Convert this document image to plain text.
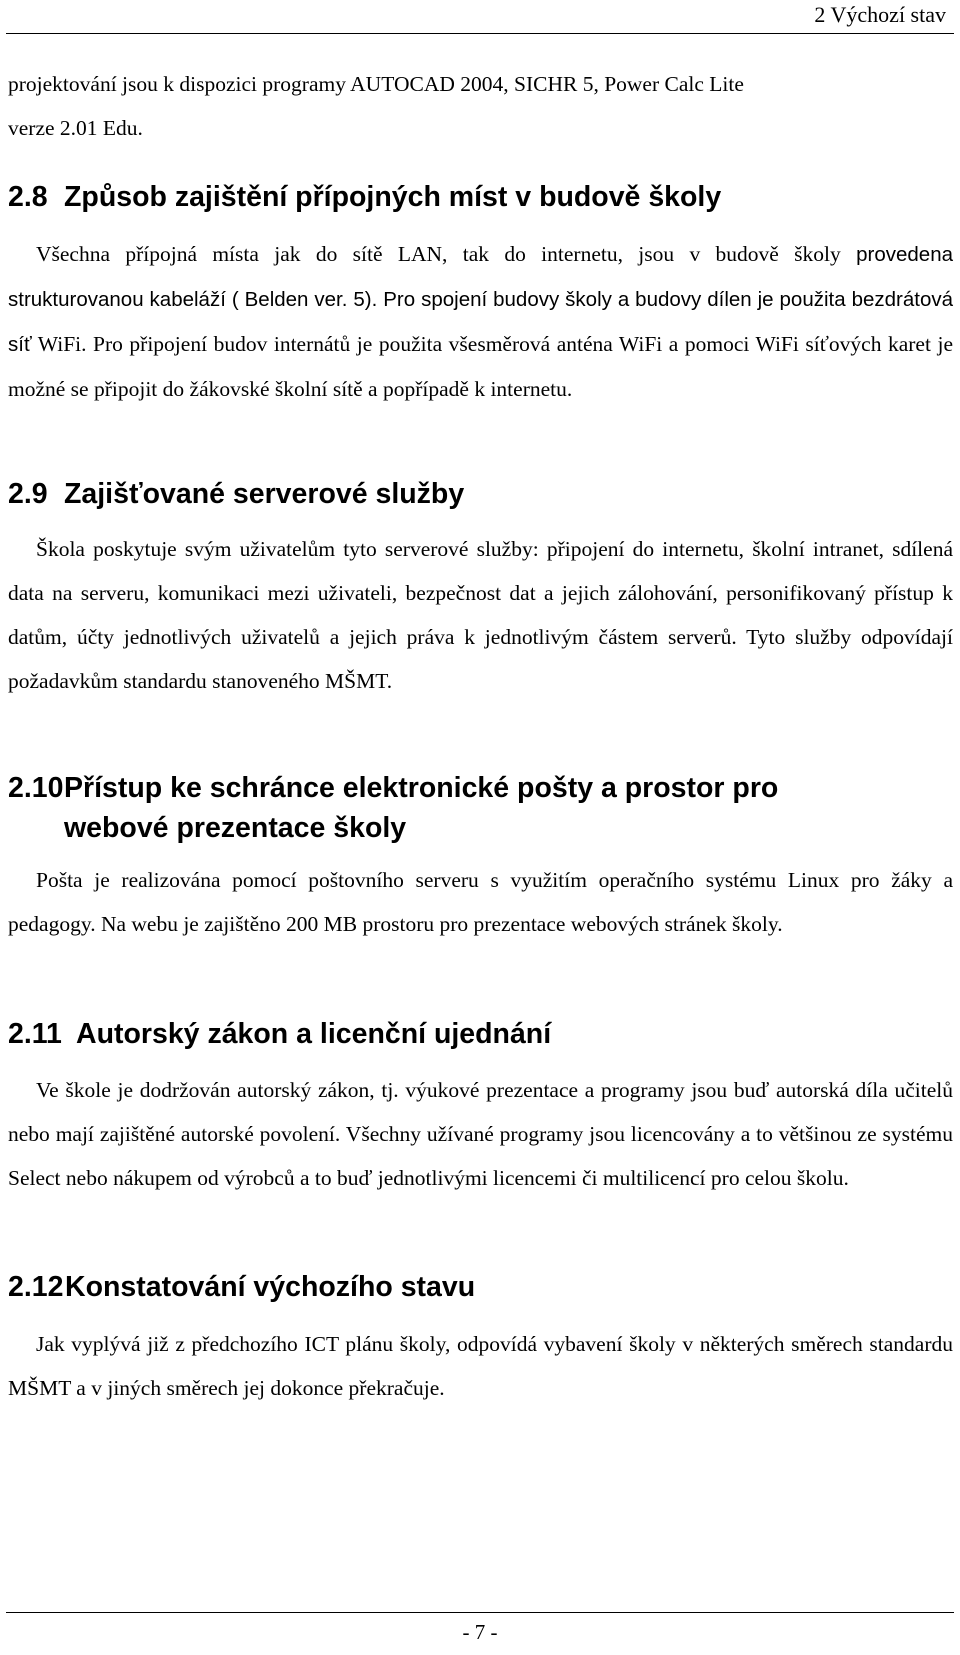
2 Výchozí stav
projektování jsou k dispozici programy AUTOCAD 2004, SICHR 5, Power Calc Lite
verze 2.01 Edu.
2.8 Způsob zajištění přípojných míst v budově školy
Všechna přípojná místa jak do sítě LAN, tak do internetu, jsou v budově školy provedena strukturovanou kabeláží ( Belden ver. 5). Pro spojení budovy školy a budovy dílen je použita bezdrátová síť WiFi. Pro připojení budov internátů je použita všesměrová anténa WiFi a pomoci WiFi síťových karet je možné se připojit do žákovské školní sítě a popřípadě k internetu.
2.9 Zajišťované serverové služby
Škola poskytuje svým uživatelům tyto serverové služby: připojení do internetu, školní intranet, sdílená data na serveru, komunikaci mezi uživateli, bezpečnost dat a jejich zálohování, personifikovaný přístup k datům, účty jednotlivých uživatelů a jejich práva k jednotlivým částem serverů. Tyto služby odpovídají požadavkům standardu stanoveného MŠMT.
2.10Přístup ke schránce elektronické pošty a prostor pro
webové prezentace školy
Pošta je realizována pomocí poštovního serveru s využitím operačního systému Linux pro žáky a pedagogy. Na webu je zajištěno 200 MB prostoru pro prezentace webových stránek školy.
2.11 Autorský zákon a licenční ujednání
Ve škole je dodržován autorský zákon, tj. výukové prezentace a programy jsou buď autorská díla učitelů nebo mají zajištěné autorské povolení. Všechny užívané programy jsou licencovány a to většinou ze systému Select nebo nákupem od výrobců a to buď jednotlivými licencemi či multilicencí pro celou školu.
2.12Konstatování výchozího stavu
Jak vyplývá již z předchozího ICT plánu školy, odpovídá vybavení školy v některých směrech standardu MŠMT a v jiných směrech jej dokonce překračuje.
- 7 -
